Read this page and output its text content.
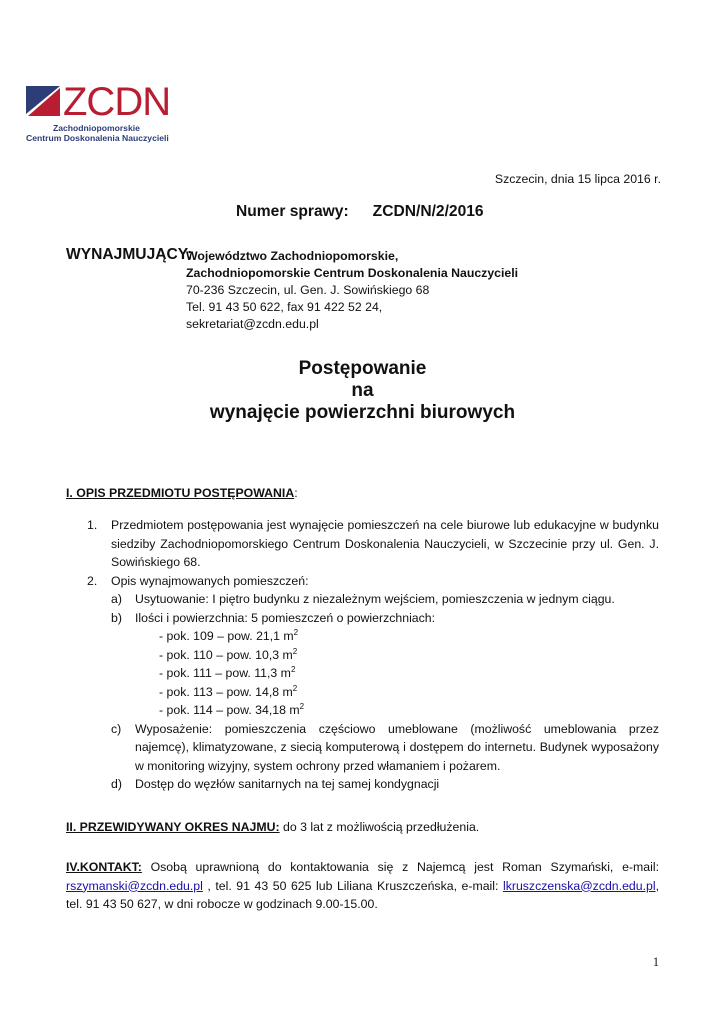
ZCDN
Zachodniopomorskie
Centrum Doskonalenia Nauczycieli
Szczecin, dnia 15 lipca 2016 r.
Numer sprawy: ZCDN/N/2/2016
WYNAJMUJĄCY:
Województwo Zachodniopomorskie,
Zachodniopomorskie Centrum Doskonalenia Nauczycieli
70-236 Szczecin, ul. Gen. J. Sowińskiego 68
Tel. 91 43 50 622, fax 91 422 52 24,
sekretariat@zcdn.edu.pl
Postępowanie
na
wynajęcie powierzchni biurowych
I. OPIS PRZEDMIOTU POSTĘPOWANIA:
1. Przedmiotem postępowania jest wynajęcie pomieszczeń na cele biurowe lub edukacyjne w budynku siedziby Zachodniopomorskiego Centrum Doskonalenia Nauczycieli, w Szczecinie przy ul. Gen. J. Sowińskiego 68.
2. Opis wynajmowanych pomieszczeń:
a) Usytuowanie: I piętro budynku z niezależnym wejściem, pomieszczenia w jednym ciągu.
b) Ilości i powierzchnia: 5 pomieszczeń o powierzchniach:
- pok. 109 – pow. 21,1 $m^2$
- pok. 110 – pow. 10,3 $m^2$
- pok. 111 – pow. 11,3 $m^2$
- pok. 113 – pow. 14,8 $m^2$
- pok. 114 – pow. 34,18 $m^2$
c) Wyposażenie: pomieszczenia częściowo umeblowane (możliwość umeblowania przez najemcę), klimatyzowane, z siecią komputerową i dostępem do internetu. Budynek wyposażony w monitoring wizyjny, system ochrony przed włamaniem i pożarem.
d) Dostęp do węzłów sanitarnych na tej samej kondygnacji
II. PRZEWIDYWANY OKRES NAJMU: do 3 lat z możliwością przedłużenia.
IV.KONTAKT: Osobą uprawnioną do kontaktowania się z Najemcą jest Roman Szymański, e-mail: rszymanski@zcdn.edu.pl , tel. 91 43 50 625 lub Liliana Kruszczeńska, e-mail: lkruszczenska@zcdn.edu.pl, tel. 91 43 50 627, w dni robocze w godzinach 9.00-15.00.
1
